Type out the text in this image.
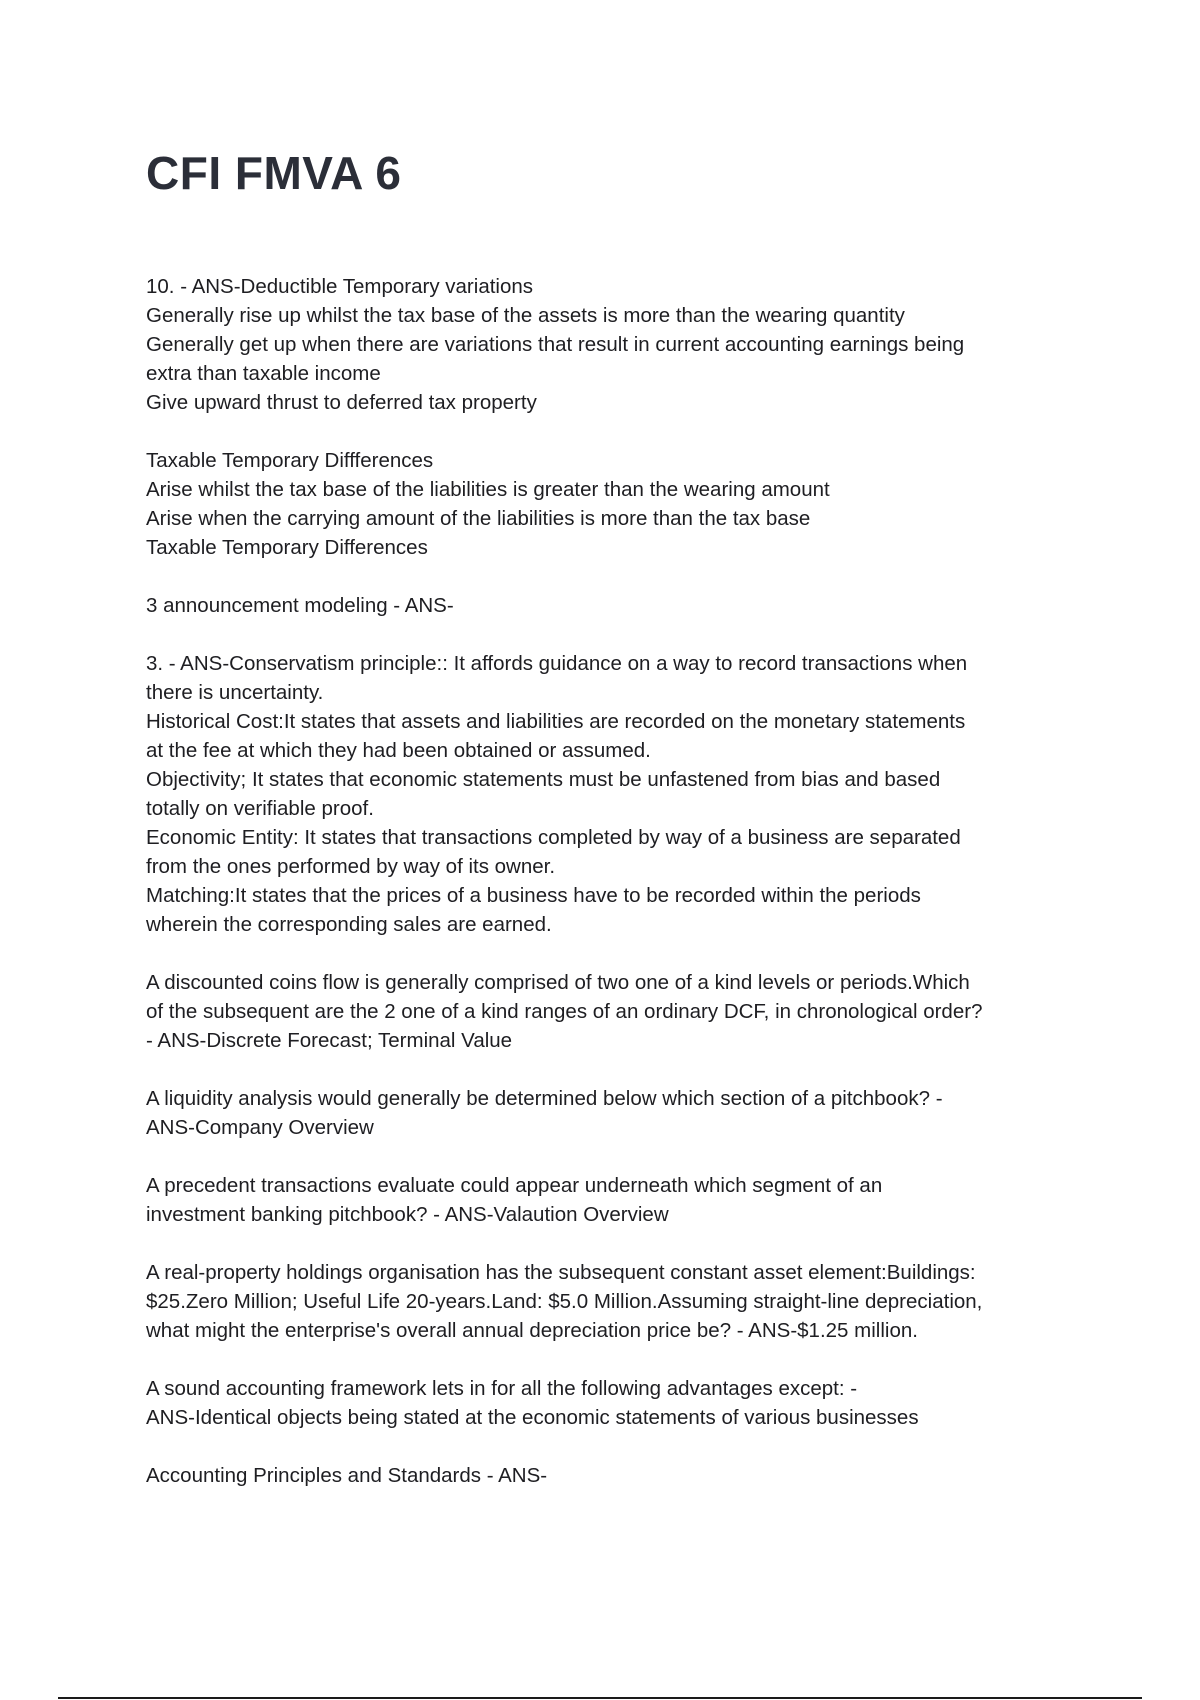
CFI FMVA 6
10. - ANS-Deductible Temporary variations
Generally rise up whilst the tax base of the assets is more than the wearing quantity
Generally get up when there are variations that result in current accounting earnings being
extra than taxable income
Give upward thrust to deferred tax property
Taxable Temporary Diffferences
Arise whilst the tax base of the liabilities is greater than the wearing amount
Arise when the carrying amount of the liabilities is more than the tax base
Taxable Temporary Differences
3 announcement modeling - ANS-
3. - ANS-Conservatism principle:: It affords guidance on a way to record transactions when
there is uncertainty.
Historical Cost:It states that assets and liabilities are recorded on the monetary statements
at the fee at which they had been obtained or assumed.
Objectivity; It states that economic statements must be unfastened from bias and based
totally on verifiable proof.
Economic Entity: It states that transactions completed by way of a business are separated
from the ones performed by way of its owner.
Matching:It states that the prices of a business have to be recorded within the periods
wherein the corresponding sales are earned.
A discounted coins flow is generally comprised of two one of a kind levels or periods.Which
of the subsequent are the 2 one of a kind ranges of an ordinary DCF, in chronological order?
- ANS-Discrete Forecast; Terminal Value
A liquidity analysis would generally be determined below which section of a pitchbook? -
ANS-Company Overview
A precedent transactions evaluate could appear underneath which segment of an
investment banking pitchbook? - ANS-Valaution Overview
A real-property holdings organisation has the subsequent constant asset element:Buildings:
$25.Zero Million; Useful Life 20-years.Land: $5.0 Million.Assuming straight-line depreciation,
what might the enterprise's overall annual depreciation price be? - ANS-$1.25 million.
A sound accounting framework lets in for all the following advantages except: -
ANS-Identical objects being stated at the economic statements of various businesses
Accounting Principles and Standards - ANS-
